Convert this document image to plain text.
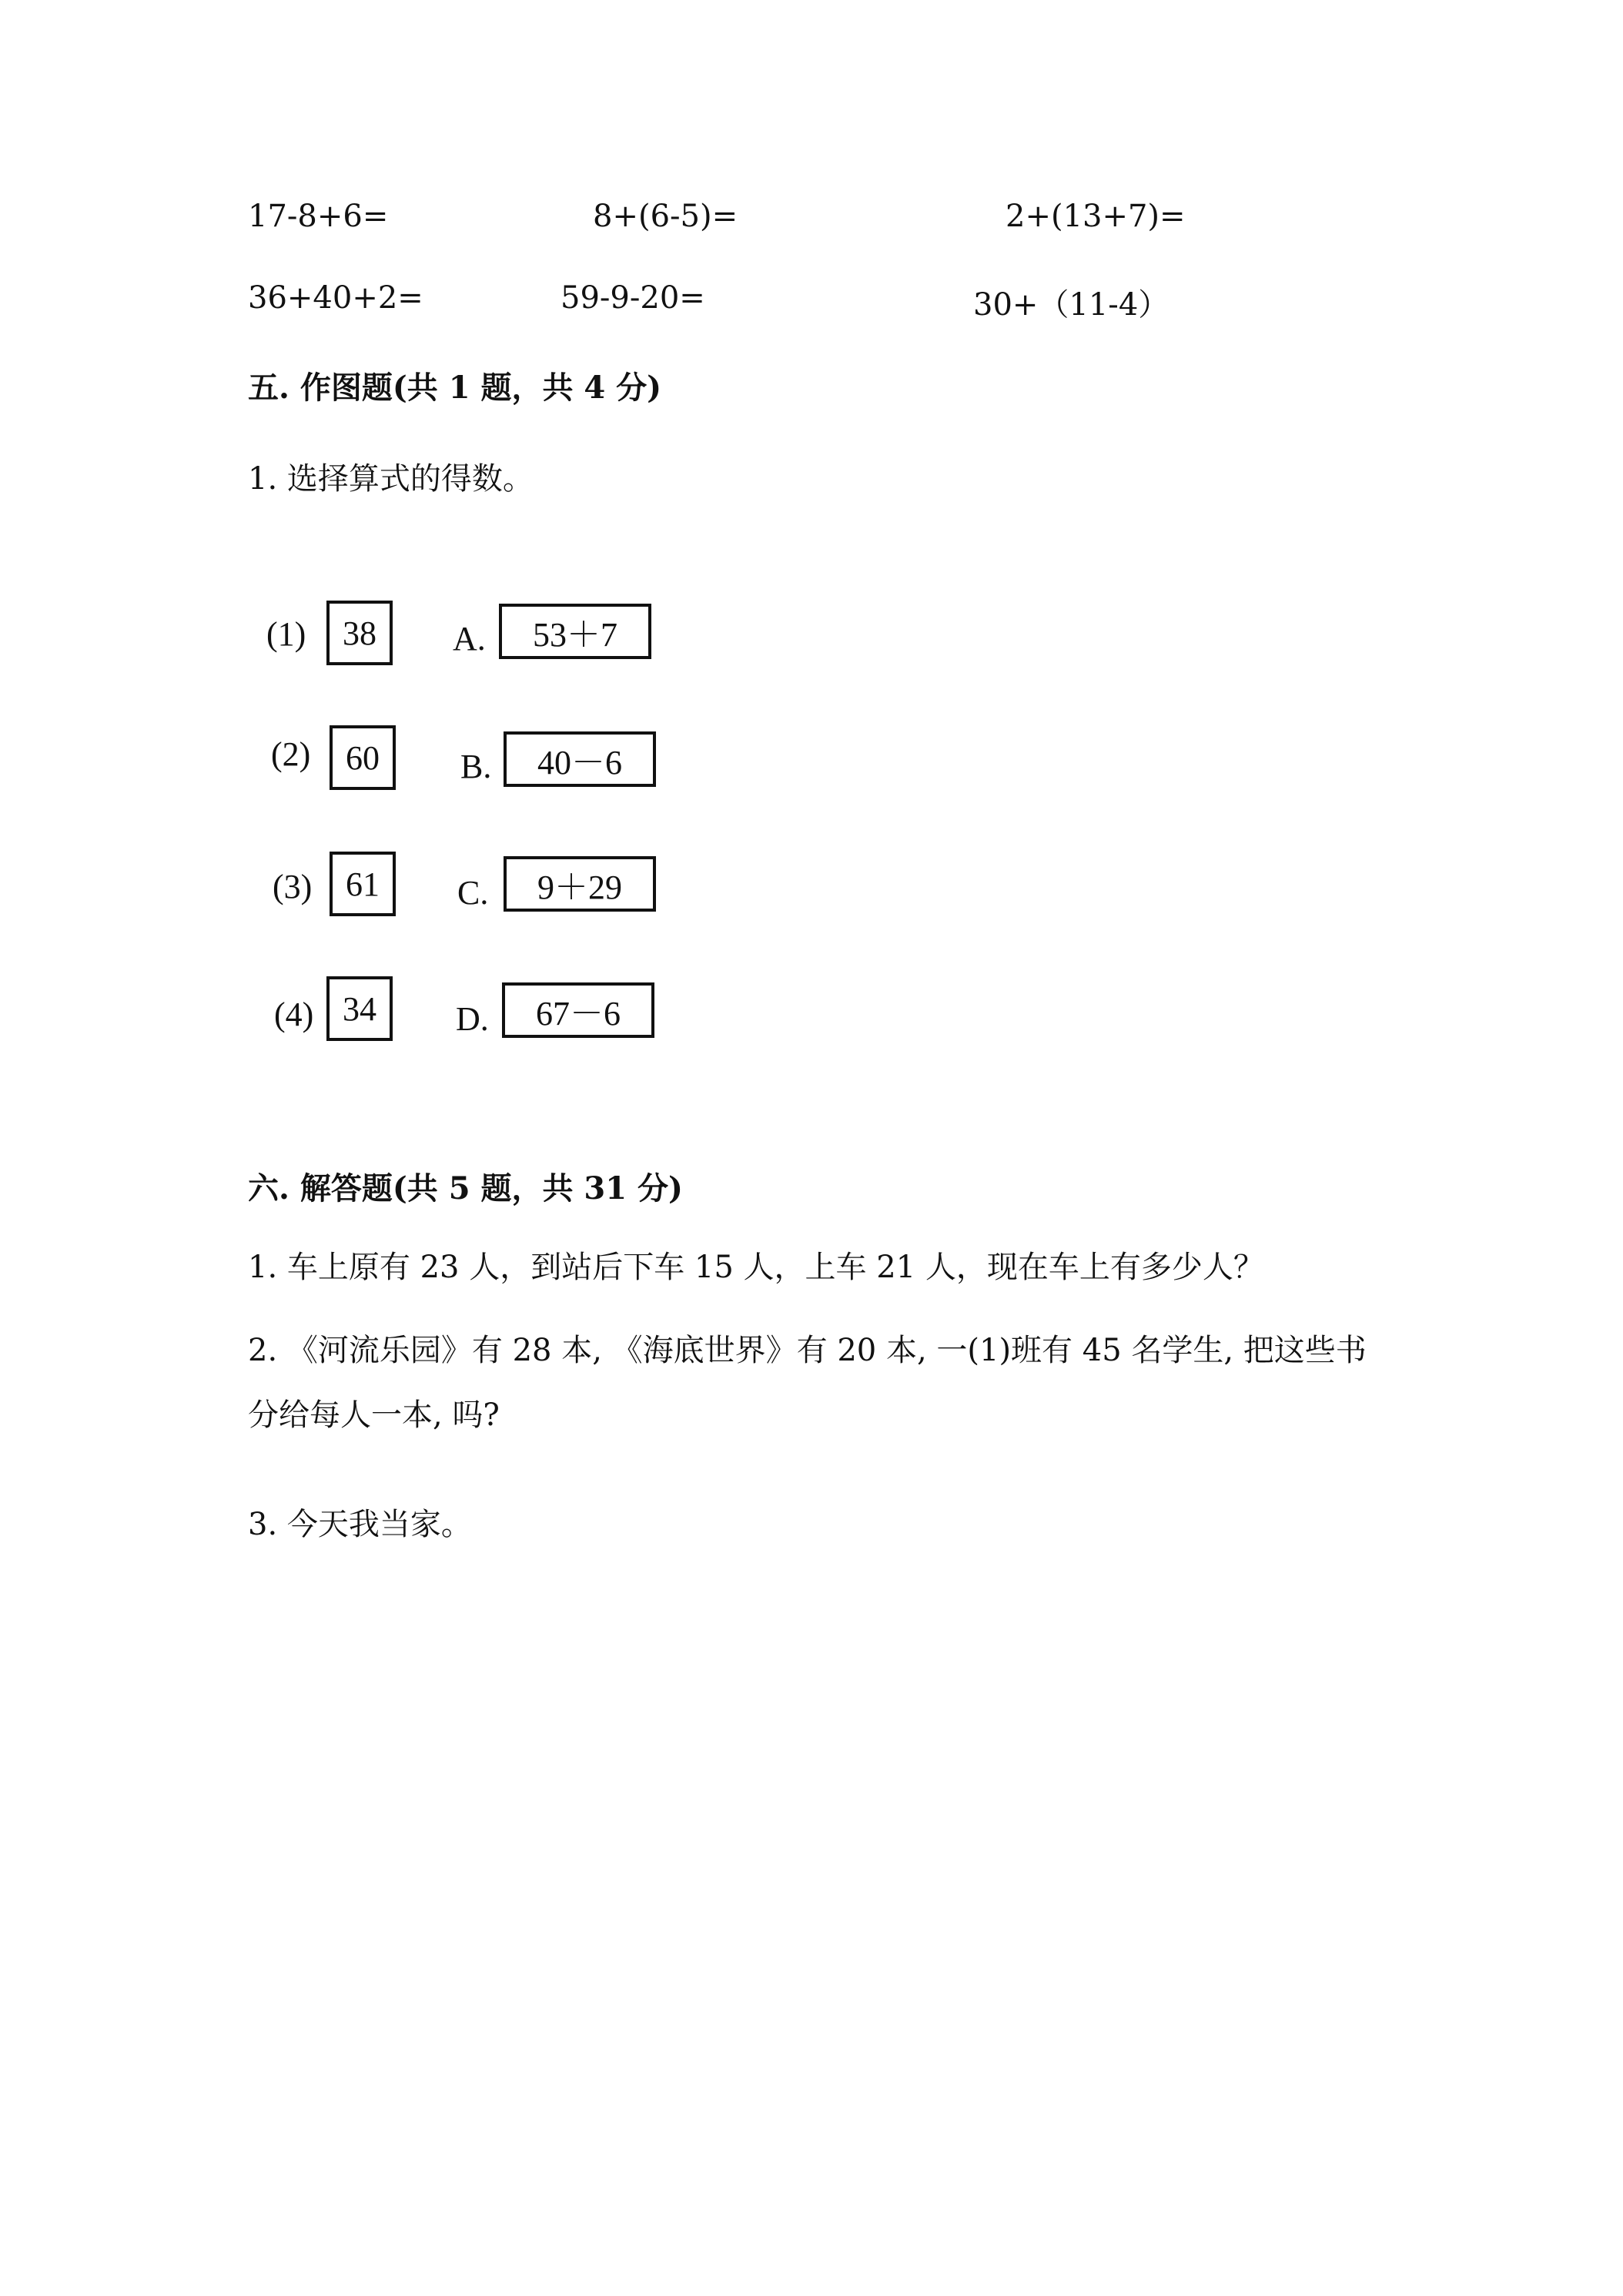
17-8+6=	8+(6-5)=	2+(13+7)=
36+40+2=	59-9-20=	30+（11-4）
五. 作图题(共 1 题，共 4 分)
1. 选择算式的得数。
(1)	38
(2)	60
(3) 61
(4) 34
A.	53＋7
B.	40－6
C.	9＋29
D.	67－6
六. 解答题(共 5 题，共 31 分)
1. 车上原有 23 人，到站后下车 15 人，上车 21 人，现在车上有多少人？
2. 《河流乐园》有 28 本, 《海底世界》有 20 本, 一(1)班有 45 名学生, 把这些书
分给每人一本, 吗?
3. 今天我当家。
